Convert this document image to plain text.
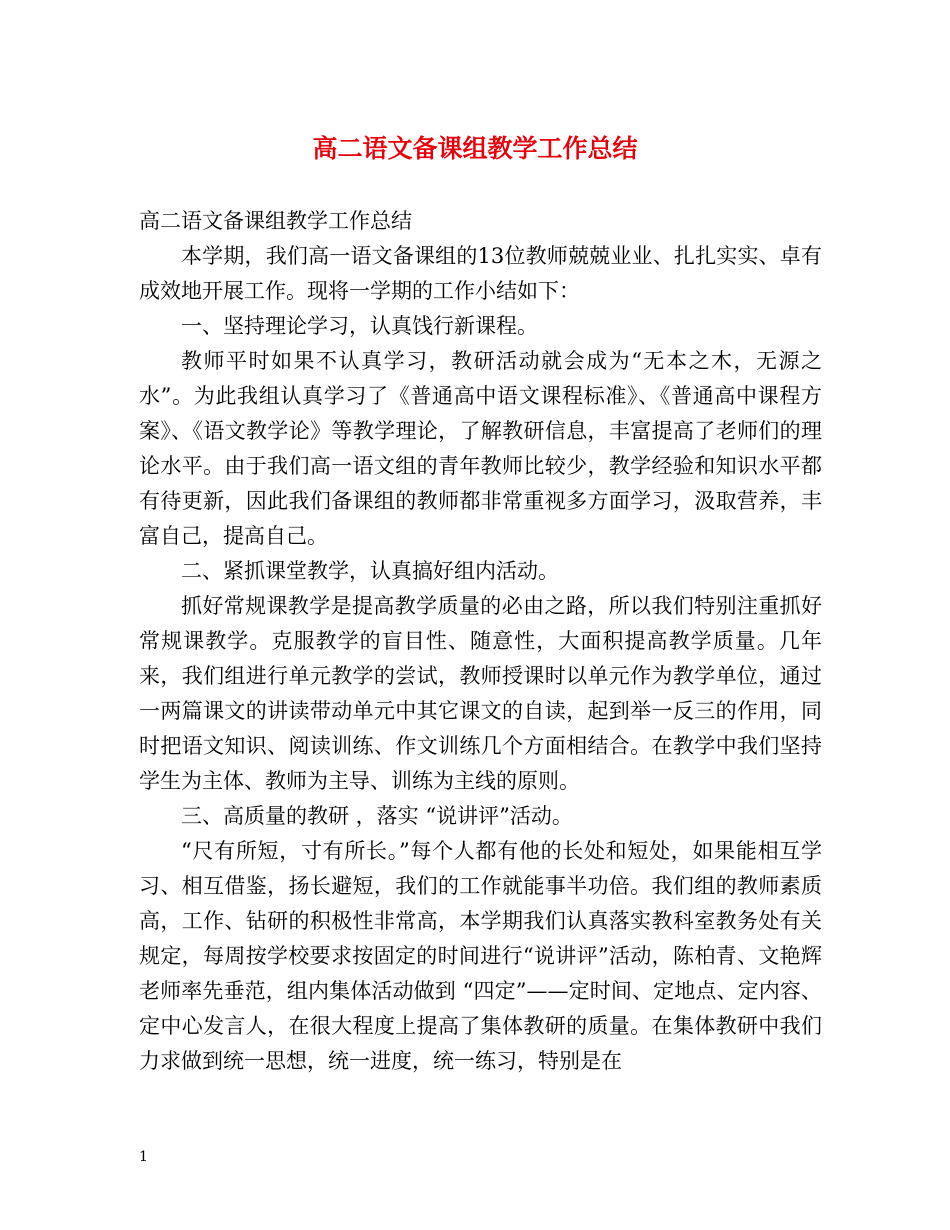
高二语文备课组教学工作总结

高二语文备课组教学工作总结

本学期，我们高一语文备课组的13位教师兢兢业业、扎扎实实、卓有成效地开展工作。现将一学期的工作小结如下：

一、坚持理论学习，认真饯行新课程。

教师平时如果不认真学习，教研活动就会成为“无本之木，无源之水”。为此我组认真学习了《普通高中语文课程标准》、《普通高中课程方案》、《语文教学论》等教学理论，了解教研信息，丰富提高了老师们的理论水平。由于我们高一语文组的青年教师比较少，教学经验和知识水平都有待更新，因此我们备课组的教师都非常重视多方面学习，汲取营养，丰富自己，提高自己。

二、紧抓课堂教学，认真搞好组内活动。

抓好常规课教学是提高教学质量的必由之路，所以我们特别注重抓好常规课教学。克服教学的盲目性、随意性，大面积提高教学质量。几年来，我们组进行单元教学的尝试，教师授课时以单元作为教学单位，通过一两篇课文的讲读带动单元中其它课文的自读，起到举一反三的作用，同时把语文知识、阅读训练、作文训练几个方面相结合。在教学中我们坚持学生为主体、教师为主导、训练为主线的原则。

三、高质量的教研 ，落实 “说讲评”活动。

“尺有所短，寸有所长。”每个人都有他的长处和短处，如果能相互学习、相互借鉴，扬长避短，我们的工作就能事半功倍。我们组的教师素质高，工作、钻研的积极性非常高，本学期我们认真落实教科室教务处有关规定，每周按学校要求按固定的时间进行“说讲评”活动，陈柏青、文艳辉老师率先垂范，组内集体活动做到 “四定”——定时间、定地点、定内容、定中心发言人，在很大程度上提高了集体教研的质量。在集体教研中我们力求做到统一思想，统一进度，统一练习，特别是在

1
